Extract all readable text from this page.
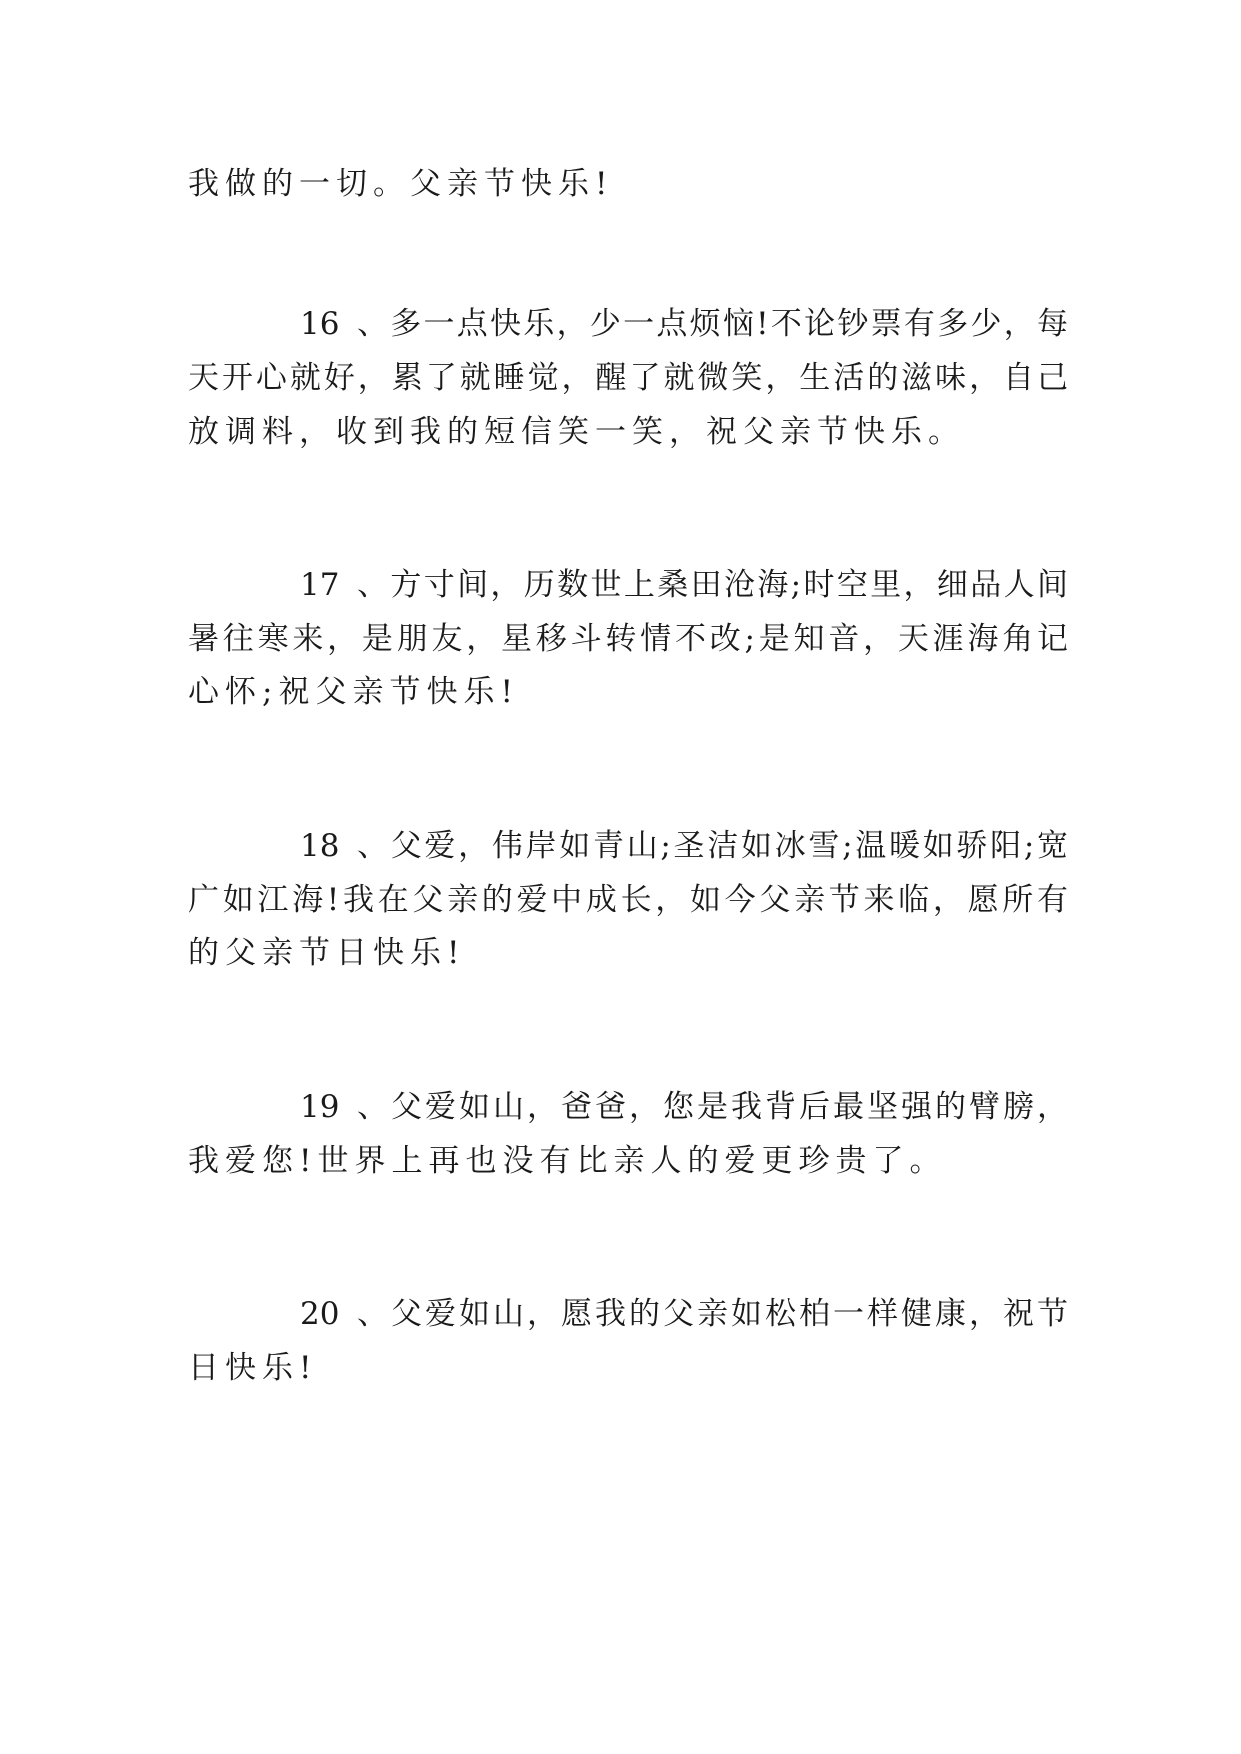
我做的一切。父亲节快乐!
16、多一点快乐，少一点烦恼!不论钞票有多少，每
天开心就好，累了就睡觉，醒了就微笑，生活的滋味，自己
放调料，收到我的短信笑一笑，祝父亲节快乐。
17、方寸间，历数世上桑田沧海;时空里，细品人间
暑往寒来，是朋友，星移斗转情不改;是知音，天涯海角记
心怀;祝父亲节快乐!
18、父爱，伟岸如青山;圣洁如冰雪;温暖如骄阳;宽
广如江海!我在父亲的爱中成长，如今父亲节来临，愿所有
的父亲节日快乐!
19、父爱如山，爸爸，您是我背后最坚强的臂膀，
我爱您!世界上再也没有比亲人的爱更珍贵了。
20、父爱如山，愿我的父亲如松柏一样健康，祝节
日快乐!
